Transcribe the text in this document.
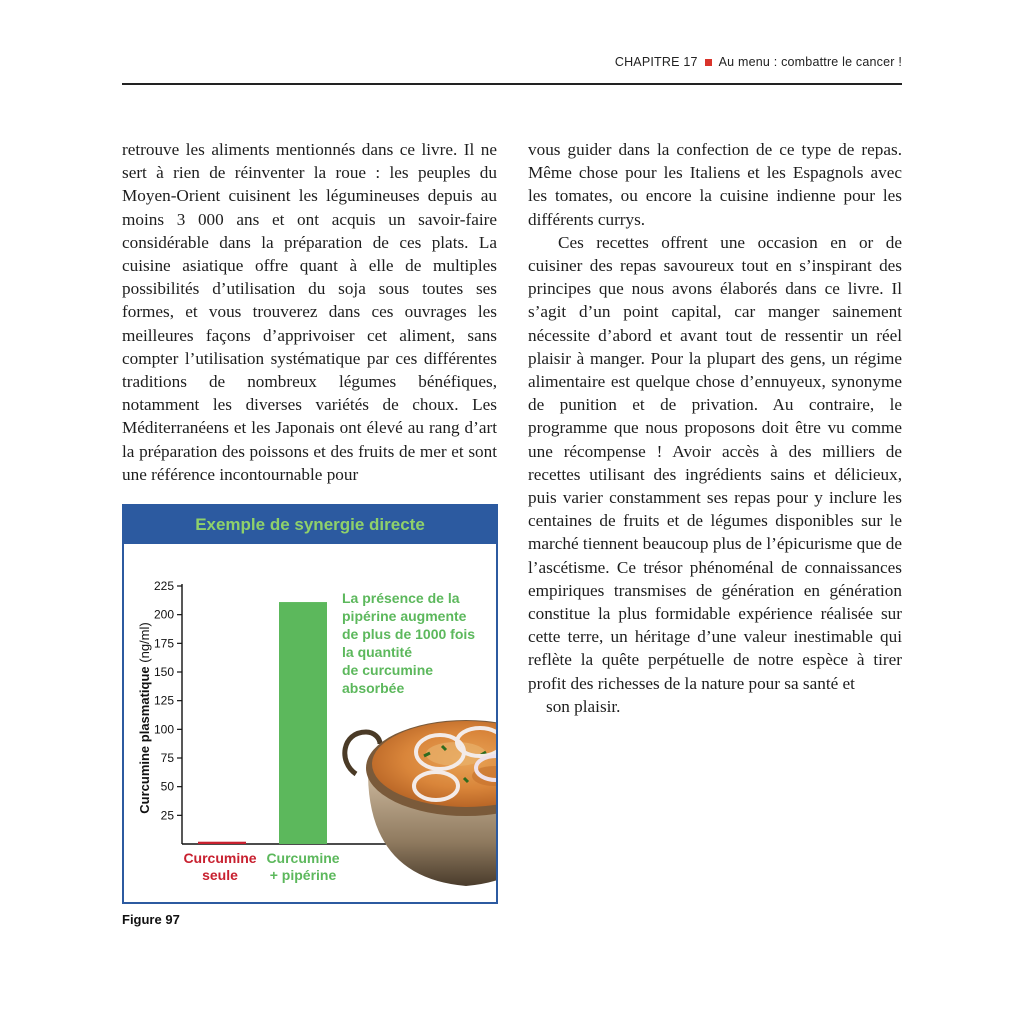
CHAPITRE 17 Au menu : combattre le cancer !

retrouve les aliments mentionnés dans ce livre. Il ne sert à rien de réinventer la roue : les peuples du Moyen-Orient cuisinent les légumineuses depuis au moins 3 000 ans et ont acquis un savoir-faire considérable dans la préparation de ces plats. La cuisine asiatique offre quant à elle de multiples possibilités d’utilisation du soja sous toutes ses formes, et vous trouverez dans ces ouvrages les meilleures façons d’apprivoiser cet aliment, sans compter l’utilisation systématique par ces différentes traditions de nombreux légumes bénéfiques, notamment les diverses variétés de choux. Les Méditerranéens et les Japonais ont élevé au rang d’art la préparation des poissons et des fruits de mer et sont une référence incontournable pour

vous guider dans la confection de ce type de repas. Même chose pour les Italiens et les Espagnols avec les tomates, ou encore la cuisine indienne pour les différents currys.

Ces recettes offrent une occasion en or de cuisiner des repas savoureux tout en s’inspirant des principes que nous avons élaborés dans ce livre. Il s’agit d’un point capital, car manger sainement nécessite d’abord et avant tout de ressentir un réel plaisir à manger. Pour la plupart des gens, un régime alimentaire est quelque chose d’ennuyeux, synonyme de punition et de privation. Au contraire, le programme que nous proposons doit être vu comme une récompense ! Avoir accès à des milliers de recettes utilisant des ingrédients sains et délicieux, puis varier constamment ses repas pour y inclure les centaines de fruits et de légumes disponibles sur le marché tiennent beaucoup plus de l’épicurisme que de l’ascétisme. Ce trésor phénoménal de connaissances empiriques transmises de génération en génération constitue la plus formidable expérience réalisée sur cette terre, un héritage d’une valeur inestimable qui reflète la quête perpétuelle de notre espèce à tirer profit des richesses de la nature pour sa santé et

son plaisir.

Exemple de synergie directe
25
50
75
100
125
150
175
200
225
Curcumine plasmatique (ng/ml)
La présence de la
pipérine augmente
de plus de 1000 fois
la quantité
de curcumine
absorbée
Curcumine
seule
Curcumine
+ pipérine
Figure 97
